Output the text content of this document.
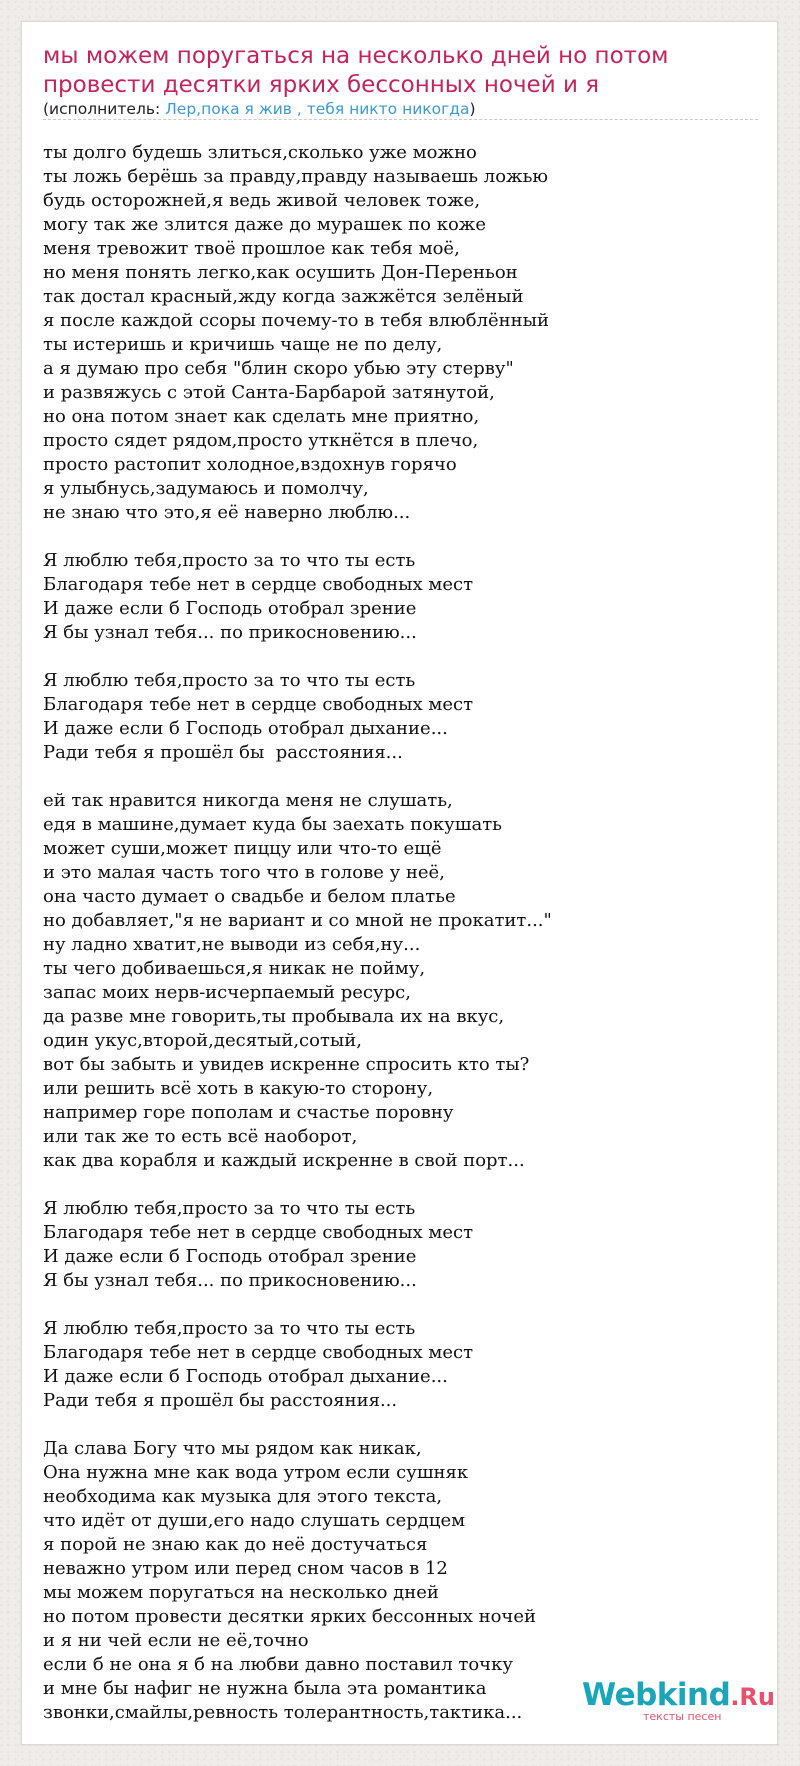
мы можем поругаться на несколько дней но потом провести десятки ярких бессонных ночей и я
(исполнитель: Лер,пока я жив , тебя никто никогда)
ты долго будешь злиться,сколько уже можно
ты ложь берёшь за правду,правду называешь ложью
будь осторожней,я ведь живой человек тоже,
могу так же злится даже до мурашек по коже
меня тревожит твоё прошлое как тебя моё,
но меня понять легко,как осушить Дон-Переньон
так достал красный,жду когда зажжётся зелёный
я после каждой ссоры почему-то в тебя влюблённый
ты истеришь и кричишь чаще не по делу,
а я думаю про себя "блин скоро убью эту стерву"
и развяжусь с этой Санта-Барбарой затянутой,
но она потом знает как сделать мне приятно,
просто сядет рядом,просто уткнётся в плечо,
просто растопит холодное,вздохнув горячо
я улыбнусь,задумаюсь и помолчу,
не знаю что это,я её наверно люблю...

Я люблю тебя,просто за то что ты есть
Благодаря тебе нет в сердце свободных мест
И даже если б Господь отобрал зрение
Я бы узнал тебя... по прикосновению...

Я люблю тебя,просто за то что ты есть
Благодаря тебе нет в сердце свободных мест
И даже если б Господь отобрал дыхание...
Ради тебя я прошёл бы  расстояния...

ей так нравится никогда меня не слушать,
едя в машине,думает куда бы заехать покушать
может суши,может пиццу или что-то ещё
и это малая часть того что в голове у неё,
она часто думает о свадьбе и белом платье
но добавляет,"я не вариант и со мной не прокатит..."
ну ладно хватит,не выводи из себя,ну...
ты чего добиваешься,я никак не пойму,
запас моих нерв-исчерпаемый ресурс,
да разве мне говорить,ты пробывала их на вкус,
один укус,второй,десятый,сотый,
вот бы забыть и увидев искренне спросить кто ты?
или решить всё хоть в какую-то сторону,
например горе пополам и счастье поровну
или так же то есть всё наоборот,
как два корабля и каждый искренне в свой порт...

Я люблю тебя,просто за то что ты есть
Благодаря тебе нет в сердце свободных мест
И даже если б Господь отобрал зрение
Я бы узнал тебя... по прикосновению...

Я люблю тебя,просто за то что ты есть
Благодаря тебе нет в сердце свободных мест
И даже если б Господь отобрал дыхание...
Ради тебя я прошёл бы расстояния...

Да слава Богу что мы рядом как никак,
Она нужна мне как вода утром если сушняк
необходима как музыка для этого текста,
что идёт от души,его надо слушать сердцем
я порой не знаю как до неё достучаться
неважно утром или перед сном часов в 12
мы можем поругаться на несколько дней
но потом провести десятки ярких бессонных ночей
и я ни чей если не её,точно
если б не она я б на любви давно поставил точку
и мне бы нафиг не нужна была эта романтика
звонки,смайлы,ревность толерантность,тактика...	Webkind.Ru
тексты песен
